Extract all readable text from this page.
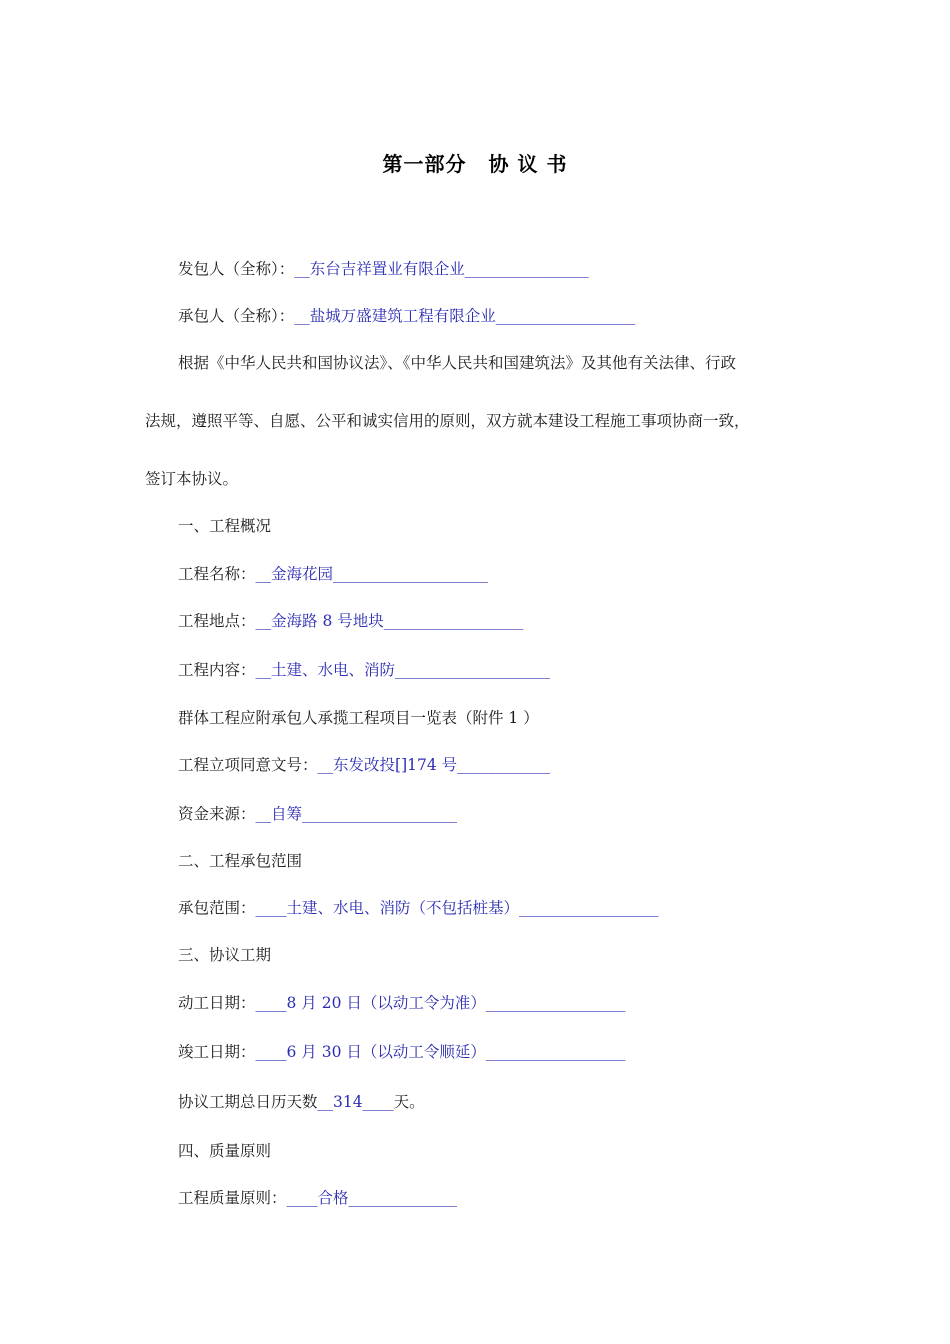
第一部分 协 议 书
发包人（全称）：__东台吉祥置业有限企业________________
承包人（全称）：__盐城万盛建筑工程有限企业__________________
根据《中华人民共和国协议法》、《中华人民共和国建筑法》及其他有关法律、行政
法规，遵照平等、自愿、公平和诚实信用的原则，双方就本建设工程施工事项协商一致，
签订本协议。
一、工程概况
工程名称：__金海花园____________________
工程地点：__金海路 8 号地块__________________
工程内容：__土建、水电、消防____________________
群体工程应附承包人承揽工程项目一览表（附件 1 ）
工程立项同意文号：__东发改投[]174 号____________
资金来源：__自筹____________________
二、工程承包范围
承包范围：____土建、水电、消防（不包括桩基）__________________
三、协议工期
动工日期：____8 月 20 日（以动工令为准）__________________
竣工日期：____6 月 30 日（以动工令顺延）__________________
协议工期总日历天数__314____天。
四、质量原则
工程质量原则：____合格______________
